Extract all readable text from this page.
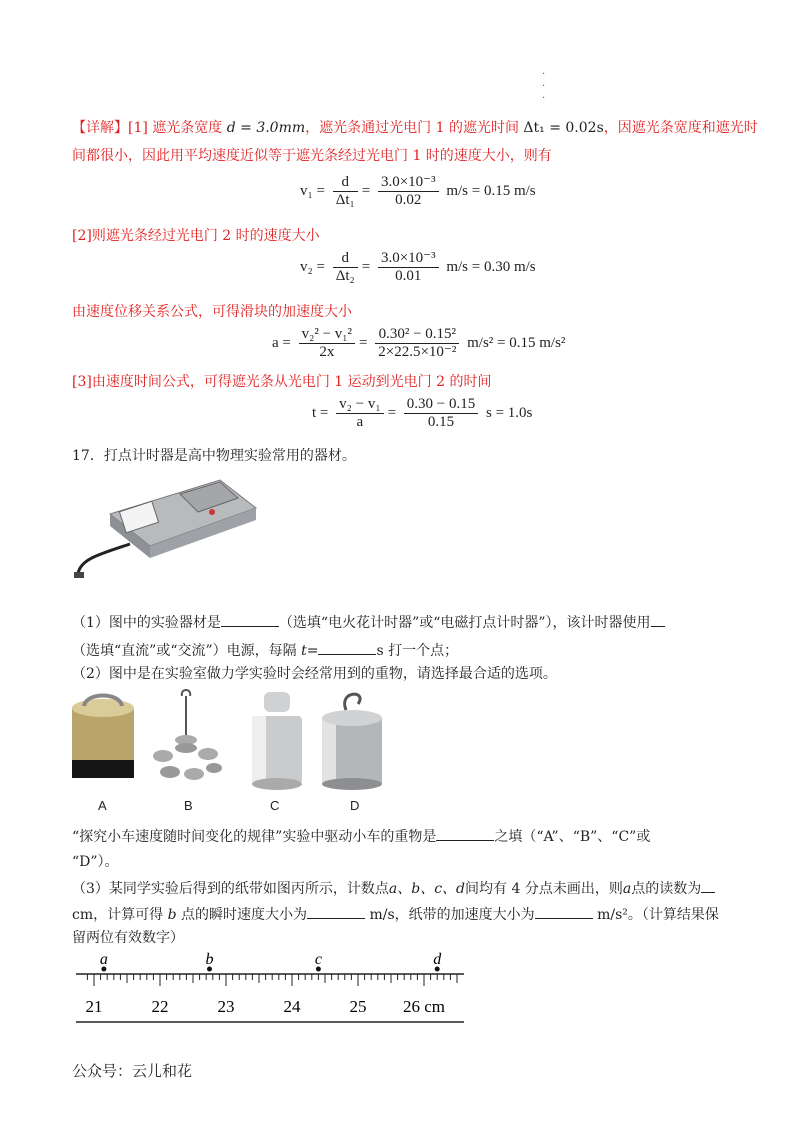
.
.
.
【详解】[1] 遮光条宽度 d = 3.0mm，遮光条通过光电门 1 的遮光时间 Δt₁ = 0.02s，因遮光条宽度和遮光时
间都很小，因此用平均速度近似等于遮光条经过光电门 1 时的速度大小，则有
$v_1 = \frac{d}{\text{Δt₁}} = \frac{\text{3.0×10⁻³}}{0.02} m/s = 0.15$ m/s
[2]则遮光条经过光电门 2 时的速度大小
$v_2 = \frac{d}{\text{Δt₂}} = \frac{\text{3.0×10⁻³}}{0.01} m/s = 0.30$ m/s
由速度位移关系公式，可得滑块的加速度大小
$a = \frac{\text{v₂² − v₁²}}{2x} = \frac{\text{0.30² − 0.15²}}{\text{2×22.5×10⁻²}} m/s^2 = 0.15$ m/s²
[3]由速度时间公式，可得遮光条从光电门 1 运动到光电门 2 的时间
$t = \frac{\text{v₂ − v₁}}{a} = \frac{0.30 - 0.15}{0.15}$ s = 1.0s
17．打点计时器是高中物理实验常用的器材。
（1）图中的实验器材是	（选填“电火花计时器”或“电磁打点计时器”），该计时器使用
（选填“直流”或“交流”）电源，每隔 t=	s 打一个点；
（2）图中是在实验室做力学实验时会经常用到的重物，请选择最合适的选项。
A	B	C	D
“探究小车速度随时间变化的规律”实验中驱动小车的重物是	之填（“A”、“B”、“C”或
“D”）。
（3）某同学实验后得到的纸带如图丙所示，计数点a、b、c、d间均有 4 分点未画出，则a点的读数为
cm，计算可得 b 点的瞬时速度大小为	m/s，纸带的加速度大小为	m/s²。（计算结果保
留两位有效数字）
21	22	23	24	25 26 cm
a	b	c	d
公众号：云儿和花
